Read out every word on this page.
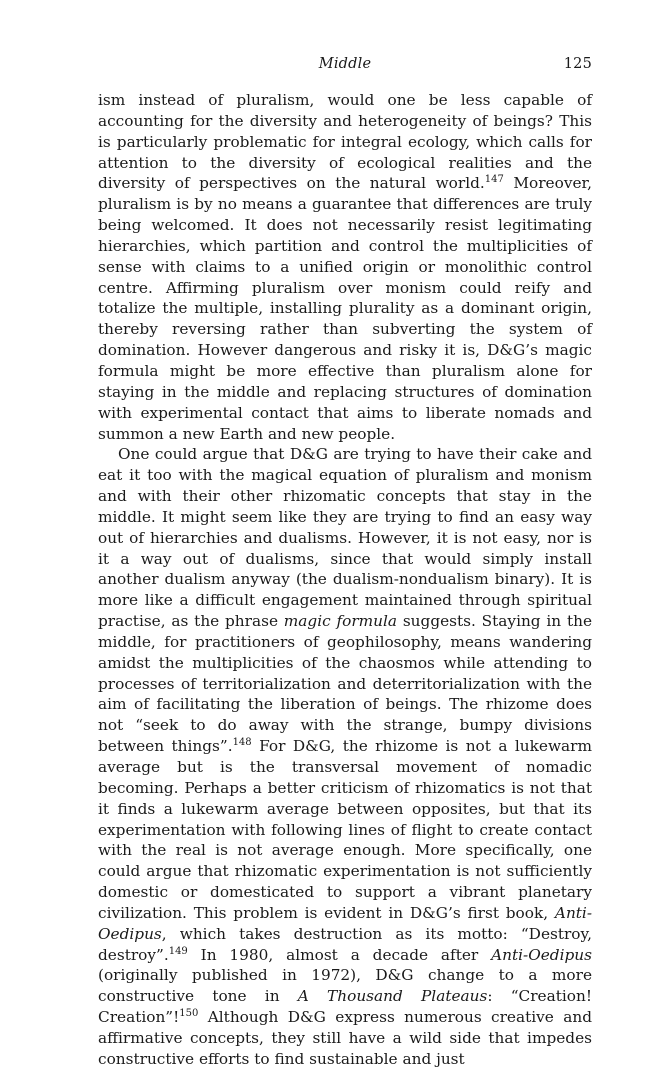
Middle	125

ism instead of pluralism, would one be less capable of accounting for the diversity and heterogeneity of beings? This is particularly problematic for integral ecology, which calls for attention to the diversity of ecological realities and the diversity of perspectives on the natural world.$^{147}$ Moreover, pluralism is by no means a guarantee that differences are truly being welcomed. It does not necessarily resist legitimating hierarchies, which partition and control the multiplicities of sense with claims to a unified origin or monolithic control centre. Affirming pluralism over monism could reify and totalize the multiple, installing plurality as a dominant origin, thereby reversing rather than subverting the system of domination. However dangerous and risky it is, D&G’s magic formula might be more effective than pluralism alone for staying in the middle and replacing structures of domination with experimental contact that aims to liberate nomads and summon a new Earth and new people.

One could argue that D&G are trying to have their cake and eat it too with the magical equation of pluralism and monism and with their other rhizomatic concepts that stay in the middle. It might seem like they are trying to find an easy way out of hierarchies and dualisms. However, it is not easy, nor is it a way out of dualisms, since that would simply install another dualism anyway (the dualism-nondualism binary). It is more like a difficult engagement maintained through spiritual practise, as the phrase magic formula suggests. Staying in the middle, for practitioners of geophilosophy, means wandering amidst the multiplicities of the chaosmos while attending to processes of territorialization and deterritorialization with the aim of facilitating the liberation of beings. The rhizome does not “seek to do away with the strange, bumpy divisions between things”.$^{148}$ For D&G, the rhizome is not a lukewarm average but is the transversal movement of nomadic becoming. Perhaps a better criticism of rhizomatics is not that it finds a lukewarm average between opposites, but that its experimentation with following lines of flight to create contact with the real is not average enough. More specifically, one could argue that rhizomatic experimentation is not sufficiently domestic or domesticated to support a vibrant planetary civilization. This problem is evident in D&G’s first book, Anti-Oedipus, which takes destruction as its motto: “Destroy, destroy”.$^{149}$ In 1980, almost a decade after Anti-Oedipus (originally published in 1972), D&G change to a more constructive tone in A Thousand Plateaus: “Creation! Creation”!$^{150}$ Although D&G express numerous creative and affirmative concepts, they still have a wild side that impedes constructive efforts to find sustainable and just
